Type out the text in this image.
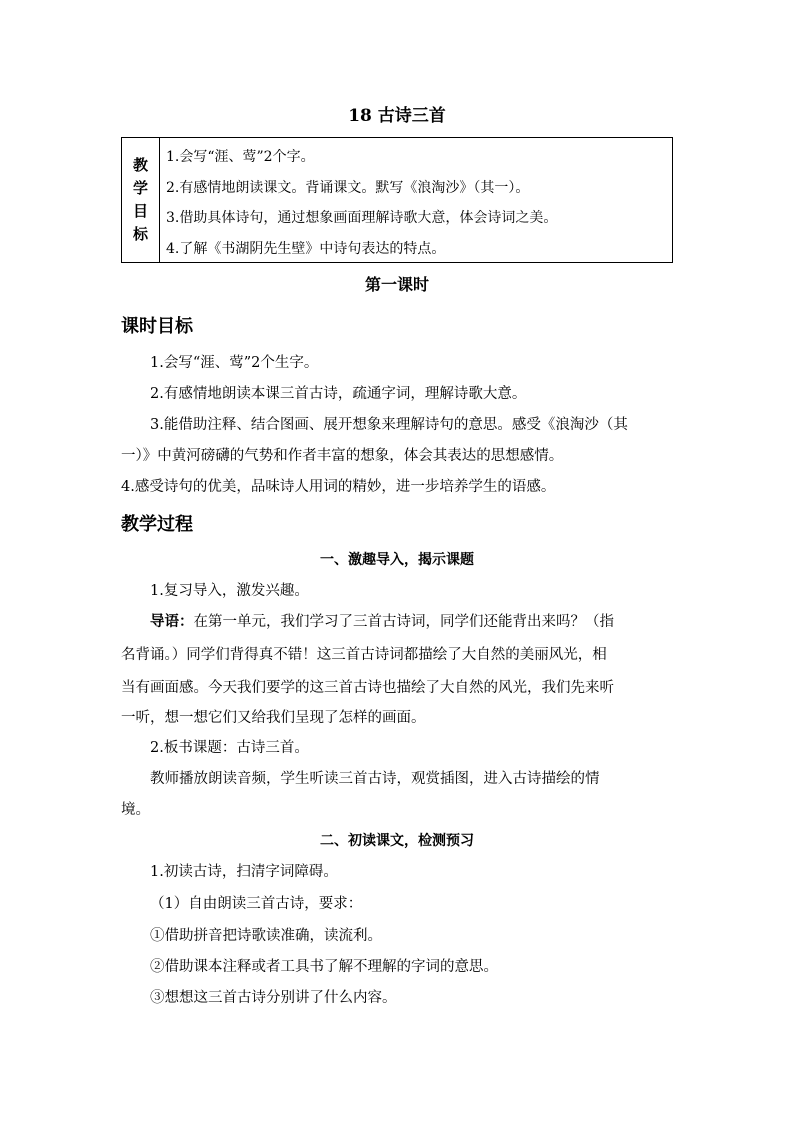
18 古诗三首
教学目标
1.会写“涯、莺”2个字。
2.有感情地朗读课文。背诵课文。默写《浪淘沙》（其一）。
3.借助具体诗句，通过想象画面理解诗歌大意，体会诗词之美。
4.了解《书湖阴先生壁》中诗句表达的特点。
第一课时
课时目标
1.会写“涯、莺”2个生字。
2.有感情地朗读本课三首古诗，疏通字词，理解诗歌大意。
3.能借助注释、结合图画、展开想象来理解诗句的意思。感受《浪淘沙（其
一）》中黄河磅礴的气势和作者丰富的想象，体会其表达的思想感情。
4.感受诗句的优美，品味诗人用词的精妙，进一步培养学生的语感。
教学过程
一、激趣导入，揭示课题
1.复习导入，激发兴趣。
导语：在第一单元，我们学习了三首古诗词，同学们还能背出来吗？（指
名背诵。）同学们背得真不错！这三首古诗词都描绘了大自然的美丽风光，相
当有画面感。今天我们要学的这三首古诗也描绘了大自然的风光，我们先来听
一听，想一想它们又给我们呈现了怎样的画面。
2.板书课题：古诗三首。
教师播放朗读音频，学生听读三首古诗，观赏插图，进入古诗描绘的情
境。
二、初读课文，检测预习
1.初读古诗，扫清字词障碍。
（1）自由朗读三首古诗，要求：
①借助拼音把诗歌读准确，读流利。
②借助课本注释或者工具书了解不理解的字词的意思。
③想想这三首古诗分别讲了什么内容。
